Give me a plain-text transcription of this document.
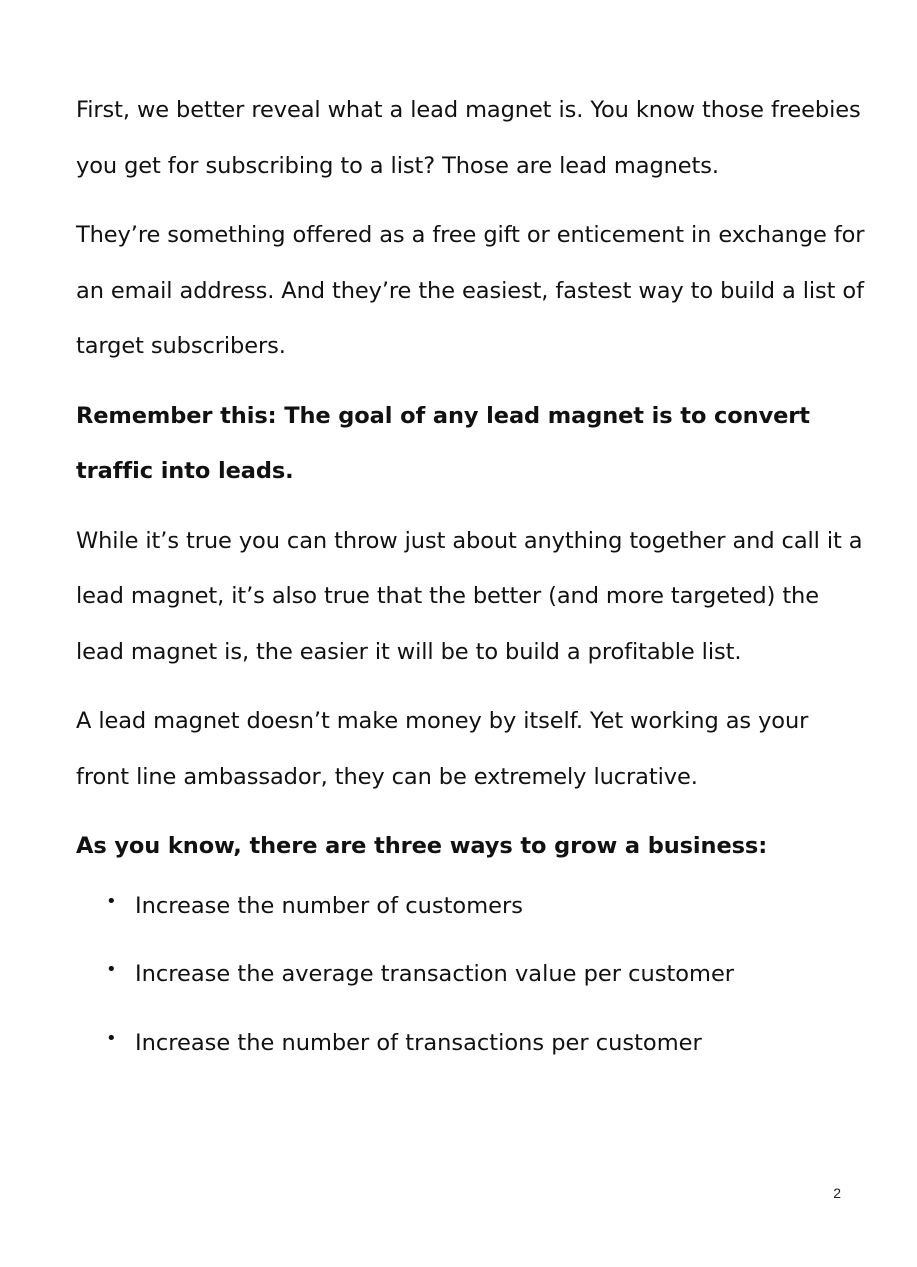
First, we better reveal what a lead magnet is. You know those freebies you get for subscribing to a list? Those are lead magnets.

They’re something offered as a free gift or enticement in exchange for an email address. And they’re the easiest, fastest way to build a list of target subscribers.

Remember this: The goal of any lead magnet is to convert traffic into leads.

While it’s true you can throw just about anything together and call it a lead magnet, it’s also true that the better (and more targeted) the lead magnet is, the easier it will be to build a profitable list.

A lead magnet doesn’t make money by itself. Yet working as your front line ambassador, they can be extremely lucrative.

As you know, there are three ways to grow a business:

• Increase the number of customers
• Increase the average transaction value per customer
• Increase the number of transactions per customer
2
